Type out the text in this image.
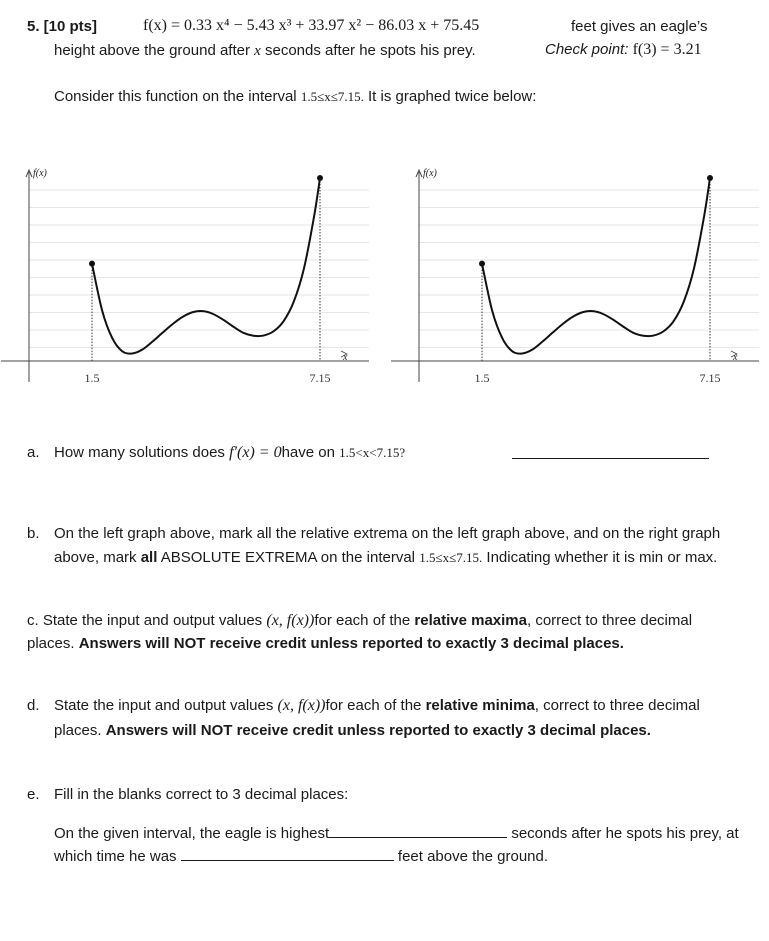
5. [10 pts]	f(x) = 0.33 x⁴ − 5.43 x³ + 33.97 x² − 86.03 x + 75.45	feet gives an eagle’s
height above the ground after x seconds after he spots his prey.	Check point: f(3) = 3.21
Consider this function on the interval 1.5≤x≤7.15. It is graphed twice below:
f(x)
x
1.5	7.15
f(x)
x
1.5	7.15
a. How many solutions does f′(x) = 0have on 1.5<x<7.15?
b. On the left graph above, mark all the relative extrema on the left graph above, and on the right graph
above, mark all ABSOLUTE EXTREMA on the interval 1.5≤x≤7.15. Indicating whether it is min or max.
c. State the input and output values (x, f(x))for each of the relative maxima, correct to three decimal
places. Answers will NOT receive credit unless reported to exactly 3 decimal places.
d. State the input and output values (x, f(x))for each of the relative minima, correct to three decimal
places. Answers will NOT receive credit unless reported to exactly 3 decimal places.
e. Fill in the blanks correct to 3 decimal places:
On the given interval, the eagle is highest	seconds after he spots his prey, at
which time he was	feet above the ground.
